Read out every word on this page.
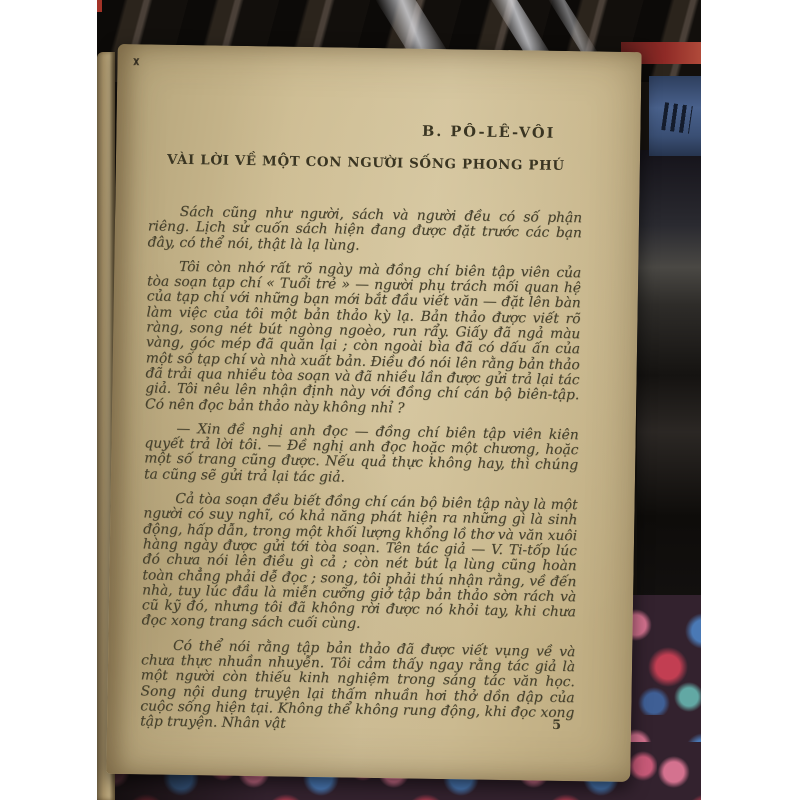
B. PÔ-LÊ-VÔI
VÀI LỜI VỀ MỘT CON NGƯỜI SỐNG PHONG PHÚ

Sách cũng như người, sách và người đều có số phận riêng. Lịch sử cuốn sách hiện đang được đặt trước các bạn đây, có thể nói, thật là lạ lùng.

Tôi còn nhớ rất rõ ngày mà đồng chí biên tập viên của tòa soạn tạp chí « Tuổi trẻ » — người phụ trách mối quan hệ của tạp chí với những bạn mới bắt đầu viết văn — đặt lên bàn làm việc của tôi một bản thảo kỳ lạ. Bản thảo được viết rõ ràng, song nét bút ngòng ngoèo, run rẩy. Giấy đã ngả màu vàng, góc mép đã quăn lại ; còn ngoài bìa đã có dấu ấn của một số tạp chí và nhà xuất bản. Điều đó nói lên rằng bản thảo đã trải qua nhiều tòa soạn và đã nhiều lần được gửi trả lại tác giả. Tôi nêu lên nhận định này với đồng chí cán bộ biên-tập. Có nên đọc bản thảo này không nhỉ ?

— Xin đề nghị anh đọc — đồng chí biên tập viên kiên quyết trả lời tôi. — Đề nghị anh đọc hoặc một chương, hoặc một số trang cũng được. Nếu quả thực không hay, thì chúng ta cũng sẽ gửi trả lại tác giả.

Cả tòa soạn đều biết đồng chí cán bộ biên tập này là một người có suy nghĩ, có khả năng phát hiện ra những gì là sinh động, hấp dẫn, trong một khối lượng khổng lồ thơ và văn xuôi hàng ngày được gửi tới tòa soạn. Tên tác giả — V. Ti-tốp lúc đó chưa nói lên điều gì cả ; còn nét bút lạ lùng cũng hoàn toàn chẳng phải dễ đọc ; song, tôi phải thú nhận rằng, về đến nhà, tuy lúc đầu là miễn cưỡng giở tập bản thảo sờn rách và cũ kỹ đó, nhưng tôi đã không rời được nó khỏi tay, khi chưa đọc xong trang sách cuối cùng.

Có thể nói rằng tập bản thảo đã được viết vụng về và chưa thực nhuần nhuyễn. Tôi cảm thấy ngay rằng tác giả là một người còn thiếu kinh nghiệm trong sáng tác văn học. Song nội dung truyện lại thấm nhuần hơi thở dồn dập của cuộc sống hiện tại. Không thể không rung động, khi đọc xong tập truyện. Nhân vật	5
